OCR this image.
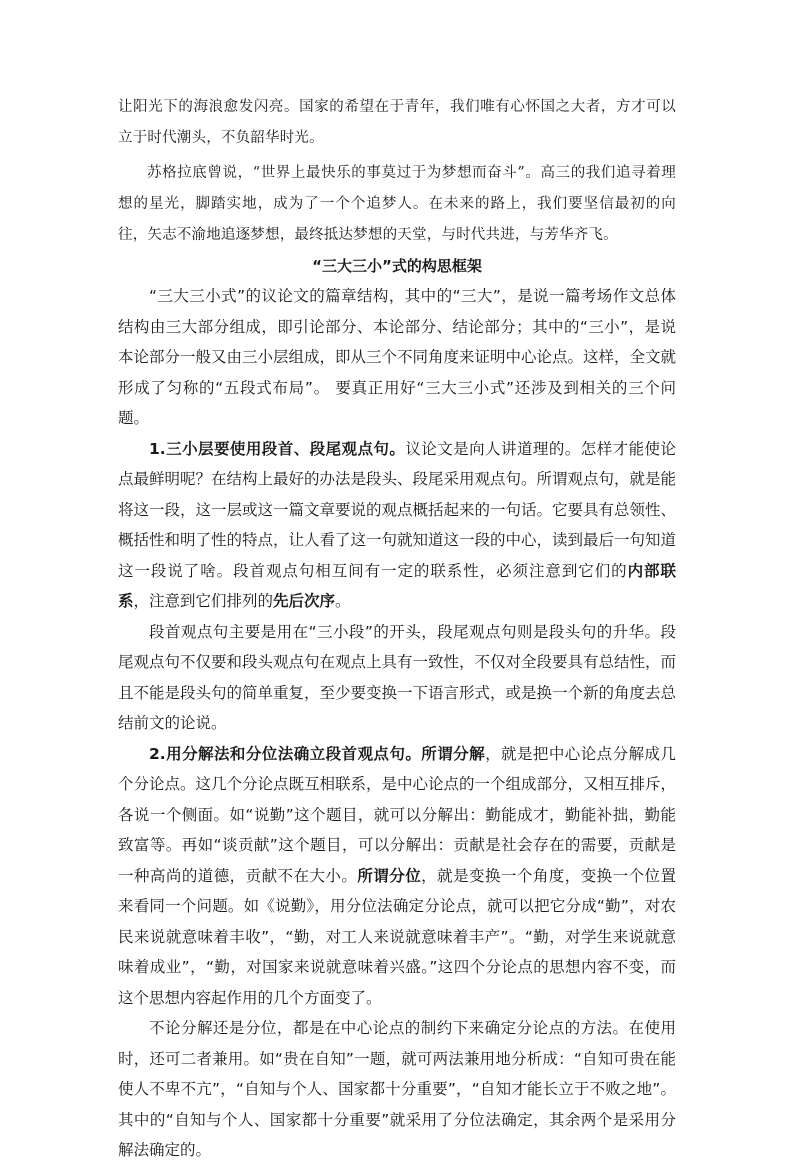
让阳光下的海浪愈发闪亮。国家的希望在于青年，我们唯有心怀国之大者，方才可以立于时代潮头，不负韶华时光。

苏格拉底曾说，“世界上最快乐的事莫过于为梦想而奋斗”。高三的我们追寻着理想的星光，脚踏实地，成为了一个个追梦人。在未来的路上，我们要坚信最初的向往，矢志不渝地追逐梦想，最终抵达梦想的天堂，与时代共进，与芳华齐飞。

“三大三小”式的构思框架

“三大三小式”的议论文的篇章结构，其中的“三大”，是说一篇考场作文总体结构由三大部分组成，即引论部分、本论部分、结论部分；其中的“三小”，是说本论部分一般又由三小层组成，即从三个不同角度来证明中心论点。这样，全文就形成了匀称的“五段式布局”。 要真正用好“三大三小式”还涉及到相关的三个问题。

1.三小层要使用段首、段尾观点句。议论文是向人讲道理的。怎样才能使论点最鲜明呢？在结构上最好的办法是段头、段尾采用观点句。所谓观点句，就是能将这一段，这一层或这一篇文章要说的观点概括起来的一句话。它要具有总领性、概括性和明了性的特点，让人看了这一句就知道这一段的中心，读到最后一句知道这一段说了啥。段首观点句相互间有一定的联系性，必须注意到它们的内部联系，注意到它们排列的先后次序。

段首观点句主要是用在“三小段”的开头，段尾观点句则是段头句的升华。段尾观点句不仅要和段头观点句在观点上具有一致性，不仅对全段要具有总结性，而且不能是段头句的简单重复，至少要变换一下语言形式，或是换一个新的角度去总结前文的论说。

2.用分解法和分位法确立段首观点句。所谓分解，就是把中心论点分解成几个分论点。这几个分论点既互相联系，是中心论点的一个组成部分，又相互排斥，各说一个侧面。如“说勤”这个题目，就可以分解出：勤能成才，勤能补拙，勤能致富等。再如“谈贡献”这个题目，可以分解出：贡献是社会存在的需要，贡献是一种高尚的道德，贡献不在大小。所谓分位，就是变换一个角度，变换一个位置来看同一个问题。如《说勤》，用分位法确定分论点，就可以把它分成“勤”，对农民来说就意味着丰收”，“勤，对工人来说就意味着丰产”。“勤，对学生来说就意味着成业”，“勤，对国家来说就意味着兴盛。”这四个分论点的思想内容不变，而这个思想内容起作用的几个方面变了。

不论分解还是分位，都是在中心论点的制约下来确定分论点的方法。在使用时，还可二者兼用。如“贵在自知”一题，就可两法兼用地分析成：“自知可贵在能使人不卑不亢”，“自知与个人、国家都十分重要”，“自知才能长立于不败之地”。其中的“自知与个人、国家都十分重要”就采用了分位法确定，其余两个是采用分解法确定的。
